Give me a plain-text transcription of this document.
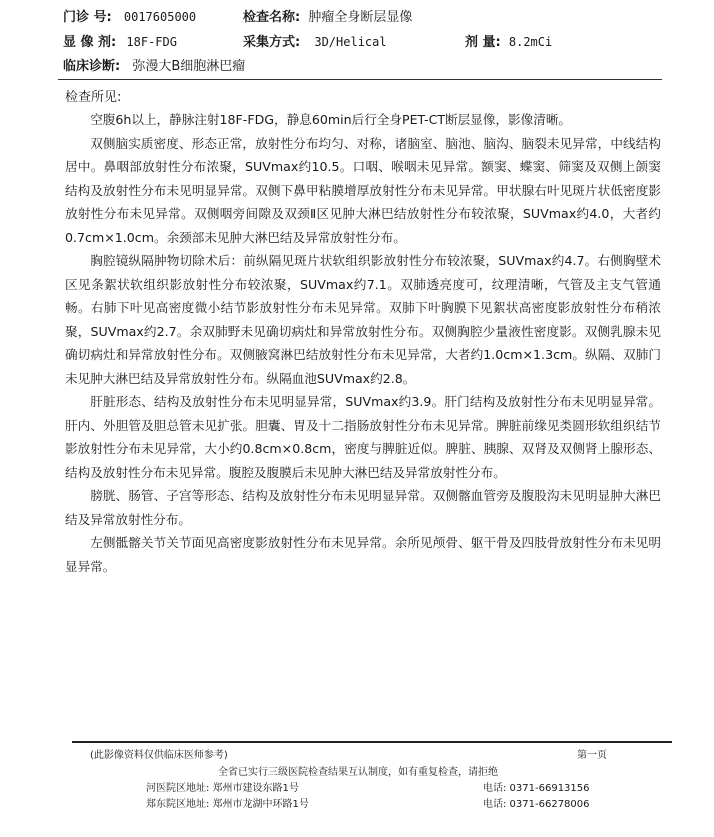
门诊 号: 0017605000	检查名称: 肿瘤全身断层显像
显 像 剂: 18F-FDG	采集方式: 3D/Helical	剂 量: 8.2mCi
临床诊断: 弥漫大B细胞淋巴瘤
检查所见:

空腹6h以上，静脉注射18F-FDG，静息60min后行全身PET-CT断层显像，影像清晰。

双侧脑实质密度、形态正常，放射性分布均匀、对称，诸脑室、脑池、脑沟、脑裂未见异常，中线结构居中。鼻咽部放射性分布浓聚，SUVmax约10.5。口咽、喉咽未见异常。额窦、蝶窦、筛窦及双侧上颌窦结构及放射性分布未见明显异常。双侧下鼻甲粘膜增厚放射性分布未见异常。甲状腺右叶见斑片状低密度影放射性分布未见异常。双侧咽旁间隙及双颈Ⅱ区见肿大淋巴结放射性分布较浓聚，SUVmax约4.0，大者约0.7cm×1.0cm。余颈部未见肿大淋巴结及异常放射性分布。

胸腔镜纵隔肿物切除术后：前纵隔见斑片状软组织影放射性分布较浓聚，SUVmax约4.7。右侧胸壁术区见条絮状软组织影放射性分布较浓聚，SUVmax约7.1。双肺透亮度可，纹理清晰，气管及主支气管通畅。右肺下叶见高密度微小结节影放射性分布未见异常。双肺下叶胸膜下见絮状高密度影放射性分布稍浓聚，SUVmax约2.7。余双肺野未见确切病灶和异常放射性分布。双侧胸腔少量液性密度影。双侧乳腺未见确切病灶和异常放射性分布。双侧腋窝淋巴结放射性分布未见异常，大者约1.0cm×1.3cm。纵隔、双肺门未见肿大淋巴结及异常放射性分布。纵隔血池SUVmax约2.8。

肝脏形态、结构及放射性分布未见明显异常，SUVmax约3.9。肝门结构及放射性分布未见明显异常。肝内、外胆管及胆总管未见扩张。胆囊、胃及十二指肠放射性分布未见异常。脾脏前缘见类圆形软组织结节影放射性分布未见异常，大小约0.8cm×0.8cm，密度与脾脏近似。脾脏、胰腺、双肾及双侧肾上腺形态、结构及放射性分布未见异常。腹腔及腹膜后未见肿大淋巴结及异常放射性分布。

膀胱、肠管、子宫等形态、结构及放射性分布未见明显异常。双侧髂血管旁及腹股沟未见明显肿大淋巴结及异常放射性分布。

左侧骶髂关节关节面见高密度影放射性分布未见异常。余所见颅骨、躯干骨及四肢骨放射性分布未见明显异常。

(此影像资料仅供临床医师参考)	第一页
全省已实行三级医院检查结果互认制度，如有重复检查，请拒绝
河医院区地址: 郑州市建设东路1号	电话: 0371-66913156
郑东院区地址: 郑州市龙湖中环路1号	电话: 0371-66278006
